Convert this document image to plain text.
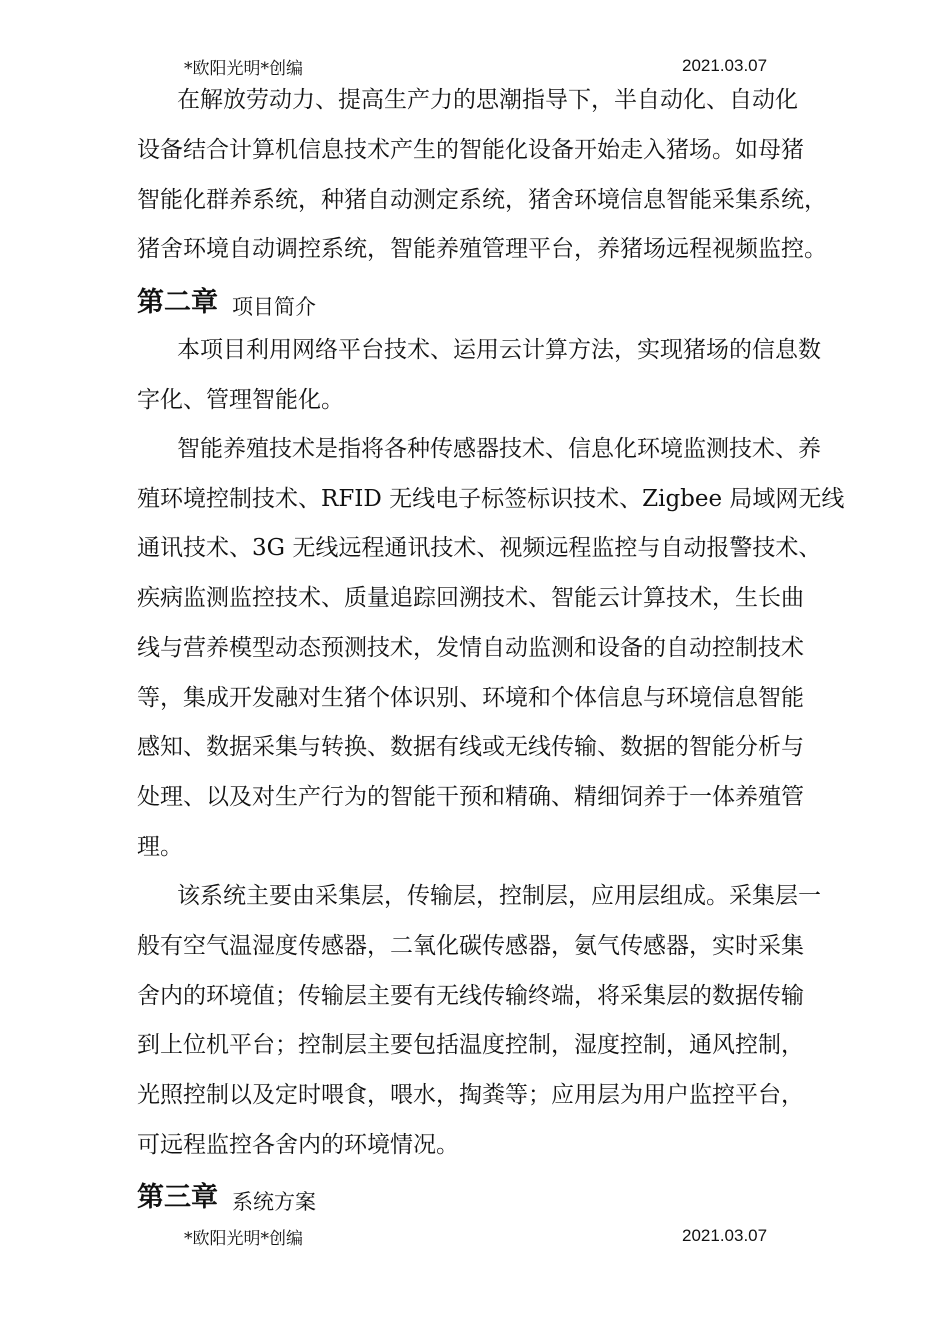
*欧阳光明*创编	2021.03.07
在解放劳动力、提高生产力的思潮指导下，半自动化、自动化
设备结合计算机信息技术产生的智能化设备开始走入猪场。如母猪
智能化群养系统，种猪自动测定系统，猪舍环境信息智能采集系统，
猪舍环境自动调控系统，智能养殖管理平台，养猪场远程视频监控。
第二章 项目简介
本项目利用网络平台技术、运用云计算方法，实现猪场的信息数
字化、管理智能化。
智能养殖技术是指将各种传感器技术、信息化环境监测技术、养
殖环境控制技术、RFID 无线电子标签标识技术、Zigbee 局域网无线
通讯技术、3G 无线远程通讯技术、视频远程监控与自动报警技术、
疾病监测监控技术、质量追踪回溯技术、智能云计算技术，生长曲
线与营养模型动态预测技术，发情自动监测和设备的自动控制技术
等，集成开发融对生猪个体识别、环境和个体信息与环境信息智能
感知、数据采集与转换、数据有线或无线传输、数据的智能分析与
处理、以及对生产行为的智能干预和精确、精细饲养于一体养殖管
理。
该系统主要由采集层，传输层，控制层，应用层组成。采集层一
般有空气温湿度传感器，二氧化碳传感器，氨气传感器，实时采集
舍内的环境值；传输层主要有无线传输终端，将采集层的数据传输
到上位机平台；控制层主要包括温度控制，湿度控制，通风控制，
光照控制以及定时喂食，喂水，掏粪等；应用层为用户监控平台，
可远程监控各舍内的环境情况。
第三章 系统方案
*欧阳光明*创编	2021.03.07
